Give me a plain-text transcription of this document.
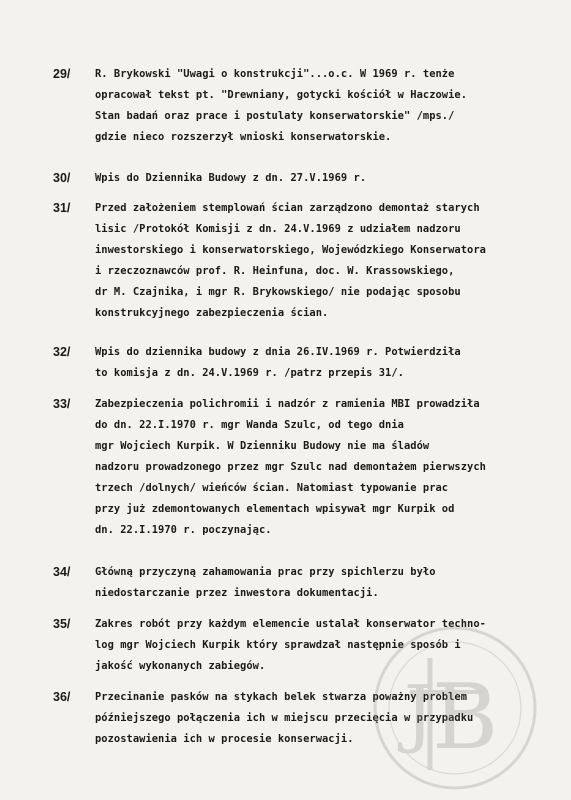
29/ R. Brykowski "Uwagi o konstrukcji"...o.c. W 1969 r. tenże
opracował tekst pt. "Drewniany, gotycki kościół w Haczowie.
Stan badań oraz prace i postulaty konserwatorskie" /mps./
gdzie nieco rozszerzył wnioski konserwatorskie.
30/ Wpis do Dziennika Budowy z dn. 27.V.1969 r.
31/ Przed założeniem stemplowań ścian zarządzono demontaż starych
lisic /Protokół Komisji z dn. 24.V.1969 z udziałem nadzoru
inwestorskiego i konserwatorskiego, Wojewódzkiego Konserwatora
i rzeczoznawców prof. R. Heinfuna, doc. W. Krassowskiego,
dr M. Czajnika, i mgr R. Brykowskiego/ nie podając sposobu
konstrukcyjnego zabezpieczenia ścian.
32/ Wpis do dziennika budowy z dnia 26.IV.1969 r. Potwierdziła
to komisja z dn. 24.V.1969 r. /patrz przepis 31/.
33/ Zabezpieczenia polichromii i nadzór z ramienia MBI prowadziła
do dn. 22.I.1970 r. mgr Wanda Szulc, od tego dnia
mgr Wojciech Kurpik. W Dzienniku Budowy nie ma śladów
nadzoru prowadzonego przez mgr Szulc nad demontażem pierwszych
trzech /dolnych/ wieńców ścian. Natomiast typowanie prac
przy już zdemontowanych elementach wpisywał mgr Kurpik od
dn. 22.I.1970 r. poczynając.
34/ Główną przyczyną zahamowania prac przy spichlerzu było
niedostarczanie przez inwestora dokumentacji.
35/ Zakres robót przy każdym elemencie ustalał konserwator techno-
log mgr Wojciech Kurpik który sprawdzał następnie sposób i
jakość wykonanych zabiegów.
36/ Przecinanie pasków na stykach belek stwarza poważny problem
późniejszego połączenia ich w miejscu przecięcia w przypadku
pozostawienia ich w procesie konserwacji. J
B
